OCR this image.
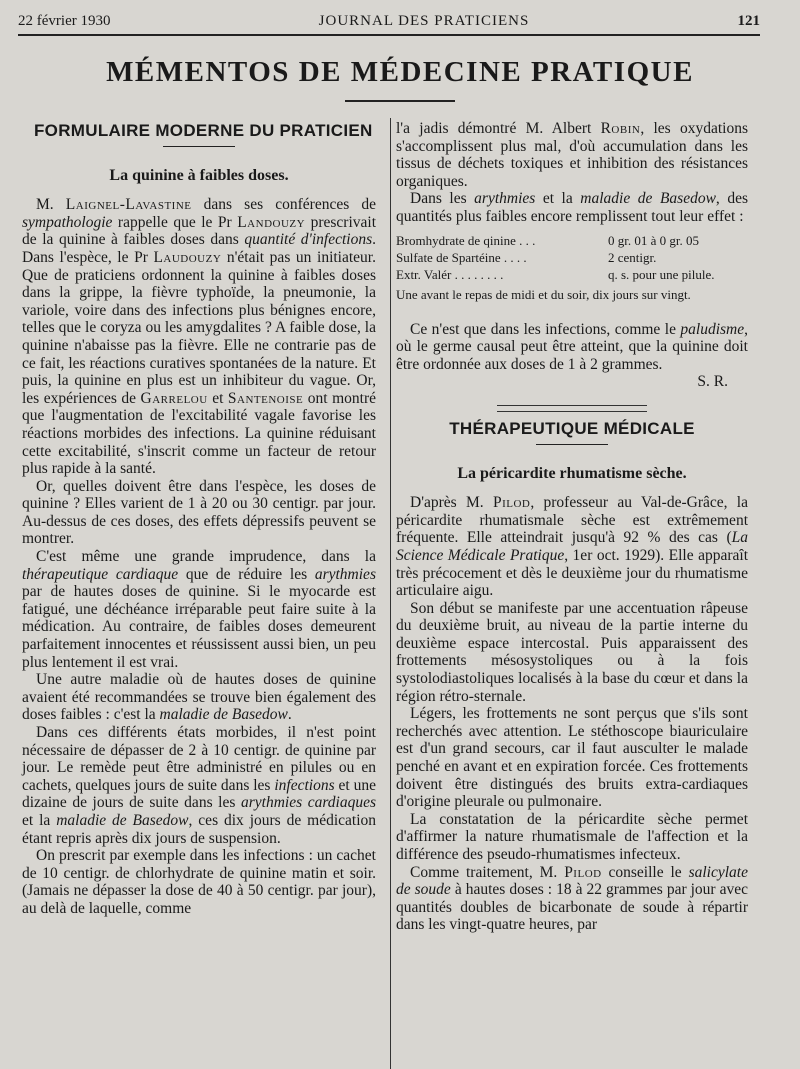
22 février 1930	JOURNAL DES PRATICIENS	121
MÉMENTOS DE MÉDECINE PRATIQUE
FORMULAIRE MODERNE DU PRATICIEN
La quinine à faibles doses.

M. Laignel-Lavastine dans ses conférences de sympathologie rappelle que le Pr Landouzy prescrivait de la quinine à faibles doses dans quantité d'infections. Dans l'espèce, le Pr Laudouzy n'était pas un initiateur. Que de praticiens ordonnent la quinine à faibles doses dans la grippe, la fièvre typhoïde, la pneumonie, la variole, voire dans des infections plus bénignes encore, telles que le coryza ou les amygdalites ? A faible dose, la quinine n'abaisse pas la fièvre. Elle ne contrarie pas de ce fait, les réactions curatives spontanées de la nature. Et puis, la quinine en plus est un inhibiteur du vague. Or, les expériences de Garrelou et Santenoise ont montré que l'augmentation de l'excitabilité vagale favorise les réactions morbides des infections. La quinine réduisant cette excitabilité, s'inscrit comme un facteur de retour plus rapide à la santé.

Or, quelles doivent être dans l'espèce, les doses de quinine ? Elles varient de 1 à 20 ou 30 centigr. par jour. Au-dessus de ces doses, des effets dépressifs peuvent se montrer.

C'est même une grande imprudence, dans la thérapeutique cardiaque que de réduire les arythmies par de hautes doses de quinine. Si le myocarde est fatigué, une déchéance irréparable peut faire suite à la médication. Au contraire, de faibles doses demeurent parfaitement innocentes et réussissent aussi bien, un peu plus lentement il est vrai.

Une autre maladie où de hautes doses de quinine avaient été recommandées se trouve bien également des doses faibles : c'est la maladie de Basedow.

Dans ces différents états morbides, il n'est point nécessaire de dépasser de 2 à 10 centigr. de quinine par jour. Le remède peut être administré en pilules ou en cachets, quelques jours de suite dans les infections et une dizaine de jours de suite dans les arythmies cardiaques et la maladie de Basedow, ces dix jours de médication étant repris après dix jours de suspension.

On prescrit par exemple dans les infections : un cachet de 10 centigr. de chlorhydrate de quinine matin et soir. (Jamais ne dépasser la dose de 40 à 50 centigr. par jour), au delà de laquelle, comme

l'a jadis démontré M. Albert Robin, les oxydations s'accomplissent plus mal, d'où accumulation dans les tissus de déchets toxiques et inhibition des résistances organiques.

Dans les arythmies et la maladie de Basedow, des quantités plus faibles encore remplissent tout leur effet :

Bromhydrate de qinine . . .	0 gr. 01 à 0 gr. 05
Sulfate de Spartéine . . . .	2 centigr.
Extr. Valér . . . . . . . .	q. s. pour une pilule.

Une avant le repas de midi et du soir, dix jours sur vingt.

Ce n'est que dans les infections, comme le paludisme, où le germe causal peut être atteint, que la quinine doit être ordonnée aux doses de 1 à 2 grammes.

S. R.

THÉRAPEUTIQUE MÉDICALE
La péricardite rhumatisme sèche.

D'après M. Pilod, professeur au Val-de-Grâce, la péricardite rhumatismale sèche est extrêmement fréquente. Elle atteindrait jusqu'à 92 % des cas (La Science Médicale Pratique, 1er oct. 1929). Elle apparaît très précocement et dès le deuxième jour du rhumatisme articulaire aigu.

Son début se manifeste par une accentuation râpeuse du deuxième bruit, au niveau de la partie interne du deuxième espace intercostal. Puis apparaissent des frottements mésosystoliques ou à la fois systolodiastoliques localisés à la base du cœur et dans la région rétro-sternale.

Légers, les frottements ne sont perçus que s'ils sont recherchés avec attention. Le stéthoscope biauriculaire est d'un grand secours, car il faut ausculter le malade penché en avant et en expiration forcée. Ces frottements doivent être distingués des bruits extra-cardiaques d'origine pleurale ou pulmonaire.

La constatation de la péricardite sèche permet d'affirmer la nature rhumatismale de l'affection et la différence des pseudo-rhumatismes infecteux.

Comme traitement, M. Pilod conseille le salicylate de soude à hautes doses : 18 à 22 grammes par jour avec quantités doubles de bicarbonate de soude à répartir dans les vingt-quatre heures, par
